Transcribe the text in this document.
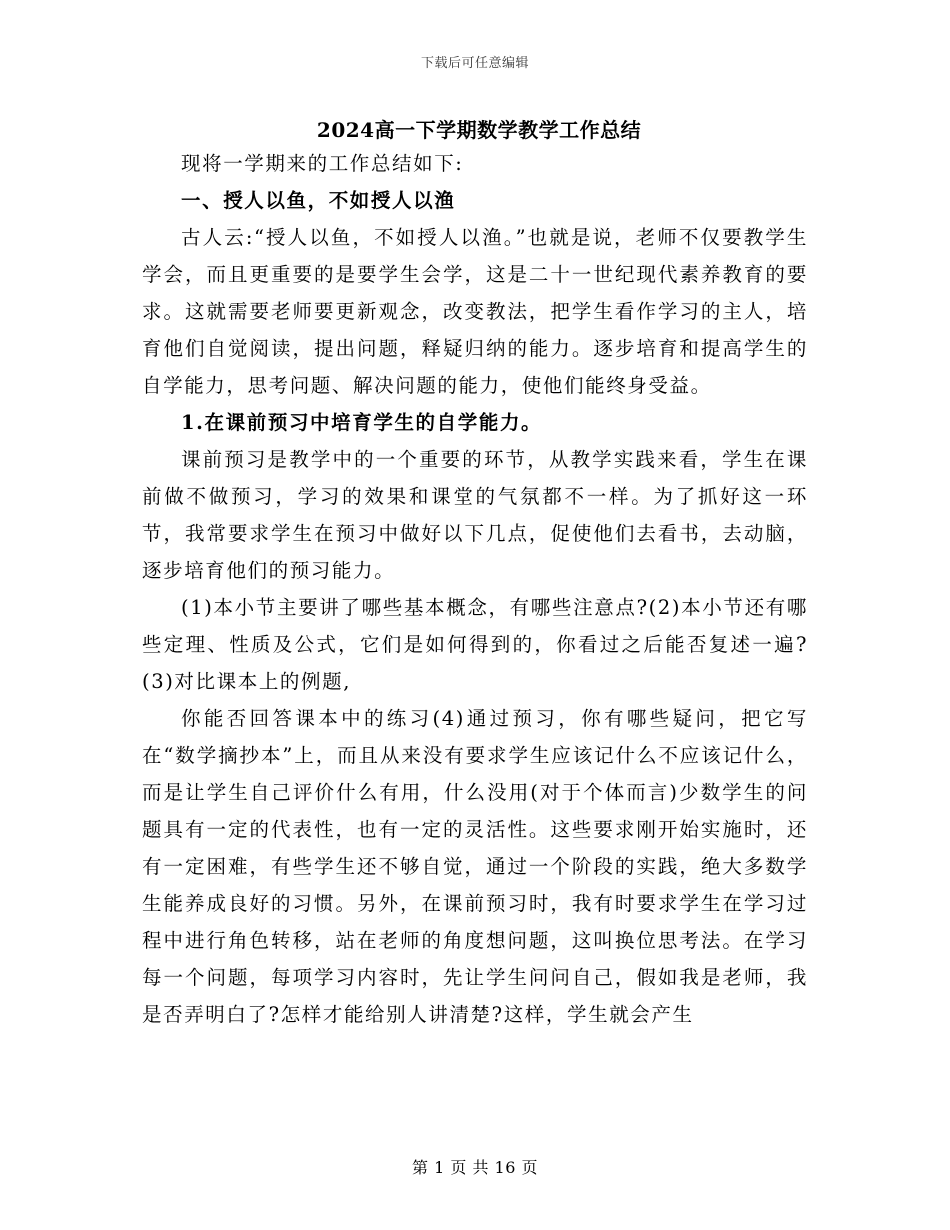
下载后可任意编辑
2024高一下学期数学教学工作总结

现将一学期来的工作总结如下:

一、授人以鱼，不如授人以渔

古人云:“授人以鱼，不如授人以渔。”也就是说，老师不仅要教学生学会，而且更重要的是要学生会学，这是二十一世纪现代素养教育的要求。这就需要老师要更新观念，改变教法，把学生看作学习的主人，培育他们自觉阅读，提出问题，释疑归纳的能力。逐步培育和提高学生的自学能力，思考问题、解决问题的能力，使他们能终身受益。

1.在课前预习中培育学生的自学能力。

课前预习是教学中的一个重要的环节，从教学实践来看，学生在课前做不做预习，学习的效果和课堂的气氛都不一样。为了抓好这一环节，我常要求学生在预习中做好以下几点，促使他们去看书，去动脑，逐步培育他们的预习能力。

(1)本小节主要讲了哪些基本概念，有哪些注意点?(2)本小节还有哪些定理、性质及公式，它们是如何得到的，你看过之后能否复述一遍?(3)对比课本上的例题,

你能否回答课本中的练习(4)通过预习，你有哪些疑问，把它写在“数学摘抄本”上，而且从来没有要求学生应该记什么不应该记什么，而是让学生自己评价什么有用，什么没用(对于个体而言)少数学生的问题具有一定的代表性，也有一定的灵活性。这些要求刚开始实施时，还有一定困难，有些学生还不够自觉，通过一个阶段的实践，绝大多数学生能养成良好的习惯。另外，在课前预习时，我有时要求学生在学习过程中进行角色转移，站在老师的角度想问题，这叫换位思考法。在学习每一个问题，每项学习内容时，先让学生问问自己，假如我是老师，我是否弄明白了?怎样才能给别人讲清楚?这样，学生就会产生

第 1 页 共 16 页
